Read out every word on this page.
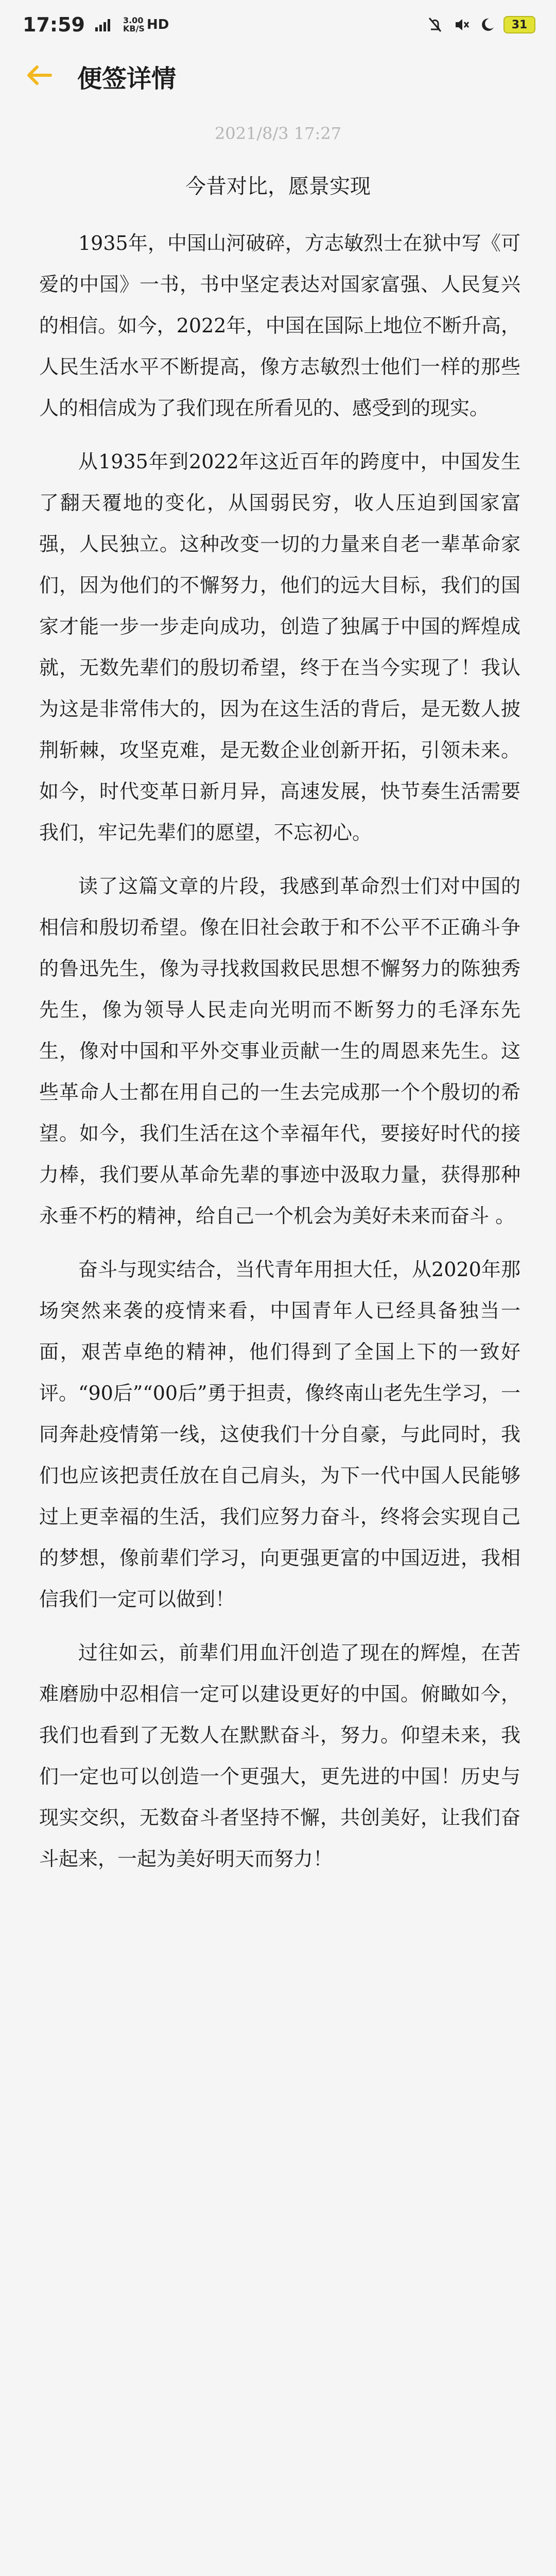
17:59	3.00
KB/S HD	31
便签详情
2021/8/3 17:27
今昔对比，愿景实现

1935年，中国山河破碎，方志敏烈士在狱中写《可爱的中国》一书，书中坚定表达对国家富强、人民复兴的相信。如今，2022年，中国在国际上地位不断升高，人民生活水平不断提高，像方志敏烈士他们一样的那些人的相信成为了我们现在所看见的、感受到的现实。

从1935年到2022年这近百年的跨度中，中国发生了翻天覆地的变化，从国弱民穷，收人压迫到国家富强，人民独立。这种改变一切的力量来自老一辈革命家们，因为他们的不懈努力，他们的远大目标，我们的国家才能一步一步走向成功，创造了独属于中国的辉煌成就，无数先辈们的殷切希望，终于在当今实现了！我认为这是非常伟大的，因为在这生活的背后，是无数人披荆斩棘，攻坚克难，是无数企业创新开拓，引领未来。如今，时代变革日新月异，高速发展，快节奏生活需要我们，牢记先辈们的愿望，不忘初心。

读了这篇文章的片段，我感到革命烈士们对中国的相信和殷切希望。像在旧社会敢于和不公平不正确斗争的鲁迅先生，像为寻找救国救民思想不懈努力的陈独秀先生，像为领导人民走向光明而不断努力的毛泽东先生，像对中国和平外交事业贡献一生的周恩来先生。这些革命人士都在用自己的一生去完成那一个个殷切的希望。如今，我们生活在这个幸福年代，要接好时代的接力棒，我们要从革命先辈的事迹中汲取力量，获得那种永垂不朽的精神，给自己一个机会为美好未来而奋斗 。

奋斗与现实结合，当代青年用担大任，从2020年那场突然来袭的疫情来看，中国青年人已经具备独当一面，艰苦卓绝的精神，他们得到了全国上下的一致好评。“90后”“00后”勇于担责，像终南山老先生学习，一同奔赴疫情第一线，这使我们十分自豪，与此同时，我们也应该把责任放在自己肩头，为下一代中国人民能够过上更幸福的生活，我们应努力奋斗，终将会实现自己的梦想，像前辈们学习，向更强更富的中国迈进，我相信我们一定可以做到！

过往如云，前辈们用血汗创造了现在的辉煌，在苦难磨励中忍相信一定可以建设更好的中国。俯瞰如今，我们也看到了无数人在默默奋斗，努力。仰望未来，我们一定也可以创造一个更强大，更先进的中国！历史与现实交织，无数奋斗者坚持不懈，共创美好，让我们奋斗起来，一起为美好明天而努力！
